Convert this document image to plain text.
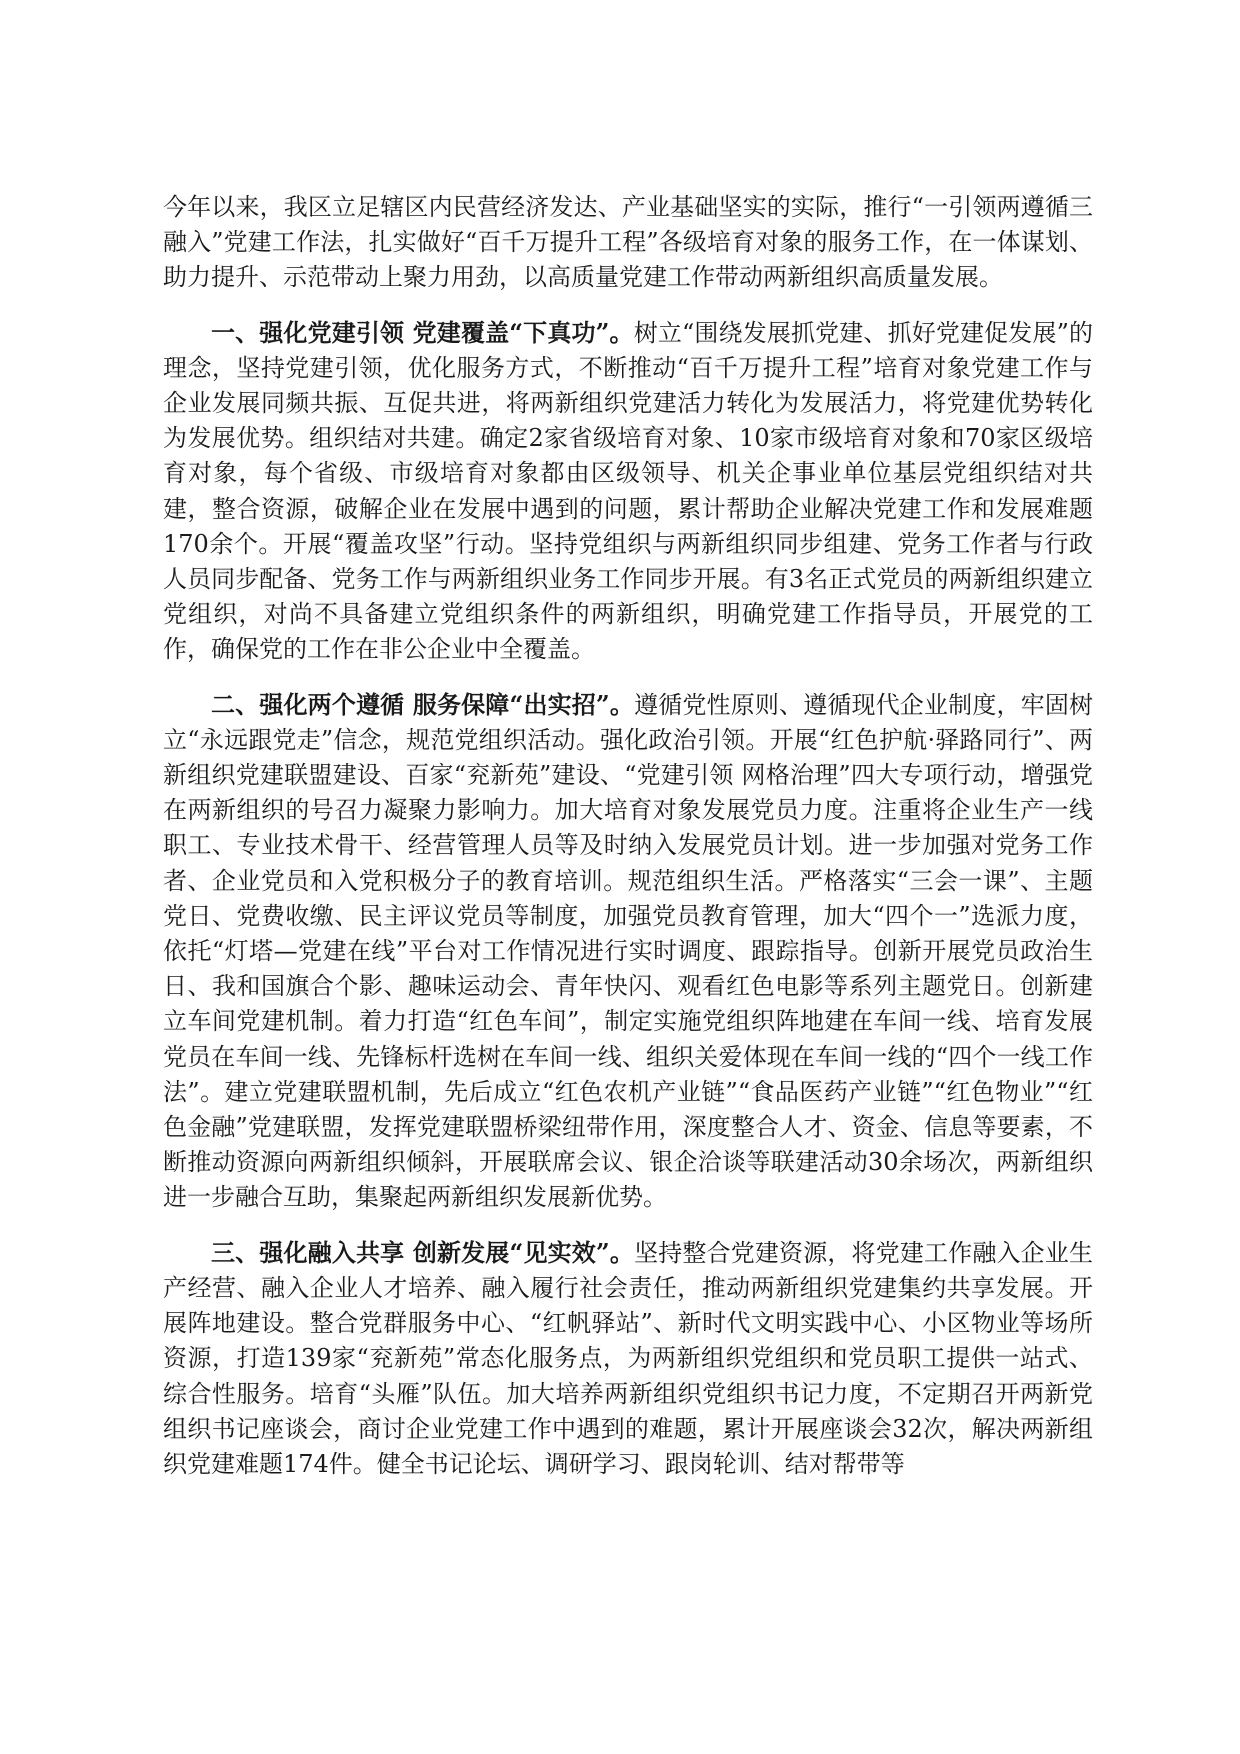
今年以来，我区立足辖区内民营经济发达、产业基础坚实的实际，推行“一引领两遵循三融入”党建工作法，扎实做好“百千万提升工程”各级培育对象的服务工作，在一体谋划、助力提升、示范带动上聚力用劲，以高质量党建工作带动两新组织高质量发展。

一、强化党建引领 党建覆盖“下真功”。树立“围绕发展抓党建、抓好党建促发展”的理念，坚持党建引领，优化服务方式，不断推动“百千万提升工程”培育对象党建工作与企业发展同频共振、互促共进，将两新组织党建活力转化为发展活力，将党建优势转化为发展优势。组织结对共建。确定2家省级培育对象、10家市级培育对象和70家区级培育对象，每个省级、市级培育对象都由区级领导、机关企事业单位基层党组织结对共建，整合资源，破解企业在发展中遇到的问题，累计帮助企业解决党建工作和发展难题170余个。开展“覆盖攻坚”行动。坚持党组织与两新组织同步组建、党务工作者与行政人员同步配备、党务工作与两新组织业务工作同步开展。有3名正式党员的两新组织建立党组织，对尚不具备建立党组织条件的两新组织，明确党建工作指导员，开展党的工作，确保党的工作在非公企业中全覆盖。

二、强化两个遵循 服务保障“出实招”。遵循党性原则、遵循现代企业制度，牢固树立“永远跟党走”信念，规范党组织活动。强化政治引领。开展“红色护航·驿路同行”、两新组织党建联盟建设、百家“兖新苑”建设、“党建引领 网格治理”四大专项行动，增强党在两新组织的号召力凝聚力影响力。加大培育对象发展党员力度。注重将企业生产一线职工、专业技术骨干、经营管理人员等及时纳入发展党员计划。进一步加强对党务工作者、企业党员和入党积极分子的教育培训。规范组织生活。严格落实“三会一课”、主题党日、党费收缴、民主评议党员等制度，加强党员教育管理，加大“四个一”选派力度，依托“灯塔—党建在线”平台对工作情况进行实时调度、跟踪指导。创新开展党员政治生日、我和国旗合个影、趣味运动会、青年快闪、观看红色电影等系列主题党日。创新建立车间党建机制。着力打造“红色车间”，制定实施党组织阵地建在车间一线、培育发展党员在车间一线、先锋标杆选树在车间一线、组织关爱体现在车间一线的“四个一线工作法”。建立党建联盟机制，先后成立“红色农机产业链”“食品医药产业链”“红色物业”“红色金融”党建联盟，发挥党建联盟桥梁纽带作用，深度整合人才、资金、信息等要素，不断推动资源向两新组织倾斜，开展联席会议、银企洽谈等联建活动30余场次，两新组织进一步融合互助，集聚起两新组织发展新优势。

三、强化融入共享 创新发展“见实效”。坚持整合党建资源，将党建工作融入企业生产经营、融入企业人才培养、融入履行社会责任，推动两新组织党建集约共享发展。开展阵地建设。整合党群服务中心、“红帆驿站”、新时代文明实践中心、小区物业等场所资源，打造139家“兖新苑”常态化服务点，为两新组织党组织和党员职工提供一站式、综合性服务。培育“头雁”队伍。加大培养两新组织党组织书记力度，不定期召开两新党组织书记座谈会，商讨企业党建工作中遇到的难题，累计开展座谈会32次，解决两新组织党建难题174件。健全书记论坛、调研学习、跟岗轮训、结对帮带等
